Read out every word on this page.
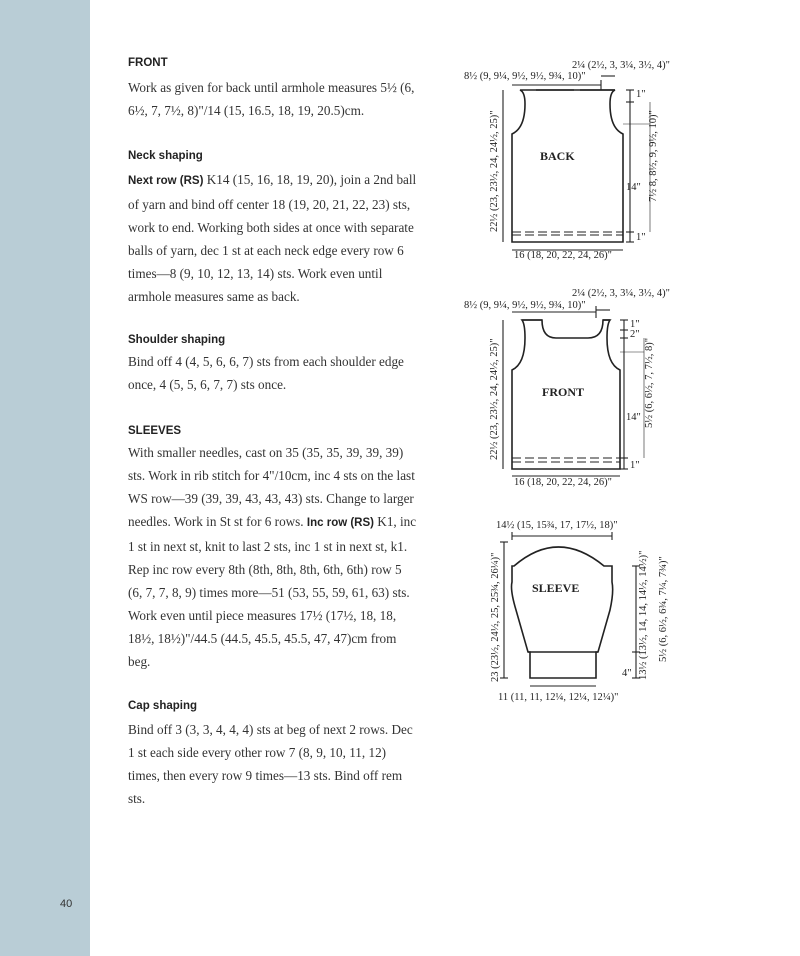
40

FRONT

Work as given for back until armhole measures 5½ (6, 6½, 7, 7½, 8)"/14 (15, 16.5, 18, 19, 20.5)cm.

Neck shaping

Next row (RS) K14 (15, 16, 18, 19, 20), join a 2nd ball of yarn and bind off center 18 (19, 20, 21, 22, 23) sts, work to end. Working both sides at once with separate balls of yarn, dec 1 st at each neck edge every row 6 times—8 (9, 10, 12, 13, 14) sts. Work even until armhole measures same as back.

Shoulder shaping

Bind off 4 (4, 5, 6, 6, 7) sts from each shoulder edge once, 4 (5, 5, 6, 7, 7) sts once.

SLEEVES

With smaller needles, cast on 35 (35, 35, 39, 39, 39) sts. Work in rib stitch for 4"/10cm, inc 4 sts on the last WS row—39 (39, 39, 43, 43, 43) sts. Change to larger needles. Work in St st for 6 rows. Inc row (RS) K1, inc 1 st in next st, knit to last 2 sts, inc 1 st in next st, k1. Rep inc row every 8th (8th, 8th, 8th, 6th, 6th) row 5 (6, 7, 7, 8, 9) times more—51 (53, 55, 59, 61, 63) sts. Work even until piece measures 17½ (17½, 18, 18, 18½, 18½)"/44.5 (44.5, 45.5, 45.5, 47, 47)cm from beg.

Cap shaping

Bind off 3 (3, 3, 4, 4, 4) sts at beg of next 2 rows. Dec 1 st each side every other row 7 (8, 9, 10, 11, 12) times, then every row 9 times—13 sts. Bind off rem sts.

BACK
2¼ (2½, 3, 3¼, 3½, 4)"
8½ (9, 9¼, 9½, 9½, 9¾, 10)"
22½ (23, 23½, 24, 24½, 25)"	7½ 8, 8½, 9, 9½, 10)"
14"
1"
1"
16 (18, 20, 22, 24, 26)"
FRONT
2¼ (2½, 3, 3¼, 3½, 4)"
8½ (9, 9¼, 9½, 9½, 9¾, 10)"
22½ (23, 23½, 24, 24½, 25)"	5½ (6, 6½, 7, 7½, 8)"
14"
1"
2"
1"
16 (18, 20, 22, 24, 26)"
SLEEVE
14½ (15, 15¾, 17, 17½, 18)"
23 (23½, 24½, 25, 25¾, 26¼)"	13½ (13½, 14, 14, 14½, 14½)" 5½ (6, 6½, 6¾, 7¼, 7¾)"
4"
11 (11, 11, 12¼, 12¼, 12¼)"
